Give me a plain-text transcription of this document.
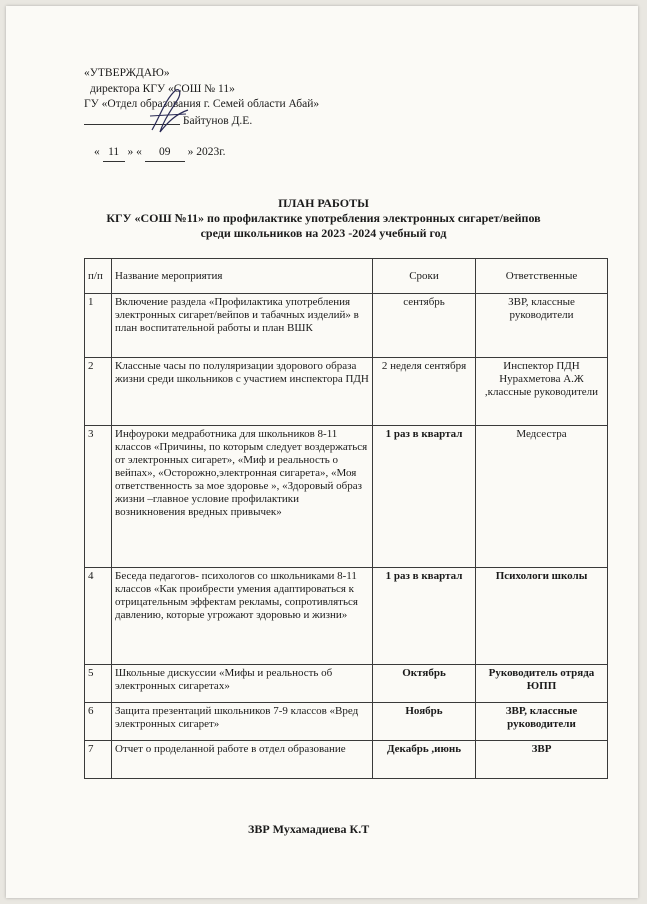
«УТВЕРЖДАЮ»
директора КГУ «СОШ № 11»
ГУ «Отдел образования г. Семей области Абай»
Байтунов Д.Е.
« 11 » « 09 » 2023г.
ПЛАН РАБОТЫ
КГУ «СОШ №11» по профилактике употребления электронных сигарет/вейпов
среди школьников на 2023 -2024 учебный год
п/п	Название мероприятия	Сроки	Ответственные
1	Включение раздела «Профилактика употребления электронных сигарет/вейпов и табачных изделий» в план воспитательной работы и план ВШК	сентябрь	ЗВР, классные руководители
2	Классные часы по полуляризации здорового образа жизни среди школьников с участием инспектора ПДН	2 неделя сентября	Инспектор ПДН Нурахметова А.Ж ,классные руководители
3	Инфоуроки медработника для школьников 8-11 классов «Причины, по которым следует воздержаться от электронных сигарет», «Миф и реальность о вейпах», «Осторожно,электронная сигарета», «Моя ответственность за мое здоровье », «Здоровый образ жизни –главное условие профилактики возникновения вредных привычек»	1 раз в квартал	Медсестра
4	Беседа педагогов- психологов со школьниками 8-11 классов «Как проибрести умения адаптироваться к отрицательным эффектам рекламы, сопротивляться давлению, которые угрожают здоровью и жизни»	1 раз в квартал	Психологи школы
5	Школьные дискуссии «Мифы и реальность об электронных сигаретах»	Октябрь	Руководитель отряда ЮПП
6	Защита презентаций школьников 7-9 классов «Вред электронных сигарет»	Ноябрь	ЗВР, классные руководители
7	Отчет о проделанной работе в отдел образование	Декабрь ,июнь	ЗВР
ЗВР Мухамадиева К.Т
